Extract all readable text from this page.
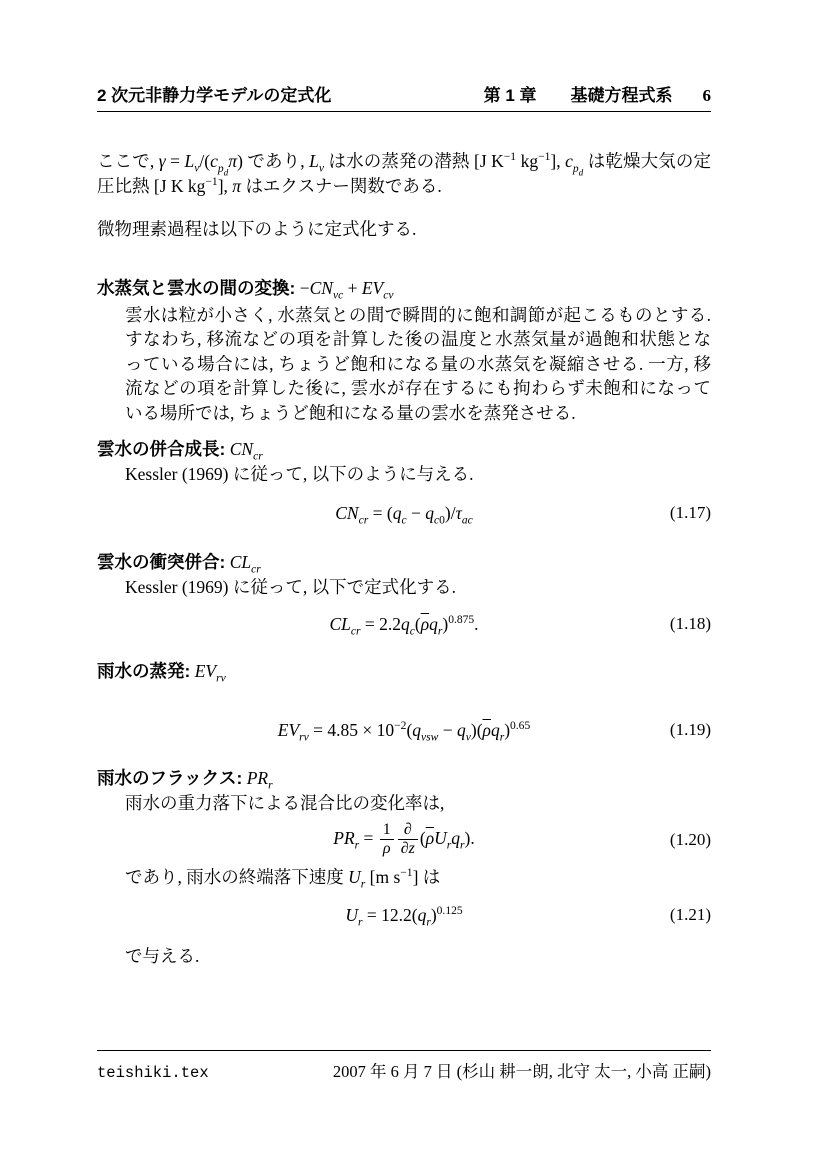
2 次元非静力学モデルの定式化	第 1 章　　基礎方程式系 6
ここで, $\gamma = L_v/(c_{p_d}\pi)$ であり, $L_v$ は水の蒸発の潜熱 [J $K^{-1}$ $kg^{-1}$], $c_{p_d}$ は乾燥大気の定圧比熱 [J K $kg^{-1}$], π はエクスナー関数である.
微物理素過程は以下のように定式化する.
水蒸気と雲水の間の変換: $-CN_{vc} + EV_{cv}$
雲水は粒が小さく, 水蒸気との間で瞬間的に飽和調節が起こるものとする. すなわち, 移流などの項を計算した後の温度と水蒸気量が過飽和状態となっている場合には, ちょうど飽和になる量の水蒸気を凝縮させる. 一方, 移流などの項を計算した後に, 雲水が存在するにも拘わらず未飽和になっている場所では, ちょうど飽和になる量の雲水を蒸発させる.
雲水の併合成長: $CN_{cr}$
Kessler (1969) に従って, 以下のように与える.
$CN_{cr} = (q_c - q_{c0})/\tau_{ac}$	(1.17)
雲水の衝突併合: $CL_{cr}$
Kessler (1969) に従って, 以下で定式化する.
$CL_{cr} = 2.2q_c(\overline{\rho}q_r)^{0.875}$.	(1.18)
雨水の蒸発: $EV_{rv}$
$EV_{rv} = 4.85 \times 10^{-2}(q_{vsw} - q_v)(\overline{\rho}q_r)^{0.65}$	(1.19)
雨水のフラックス: $PR_r$
雨水の重力落下による混合比の変化率は,
$PR_r = \frac{1}{\rho} \frac{\partial}{\partial z} (\overline{\rho}U_rq_r)$.	(1.20)
であり, 雨水の終端落下速度 $U_r$ [m $s^{-1}$] は
$U_r = 12.2(q_r)^{0.125}$	(1.21)
で与える.
teishiki.tex	2007 年 6 月 7 日 (杉山 耕一朗, 北守 太一, 小高 正嗣)
